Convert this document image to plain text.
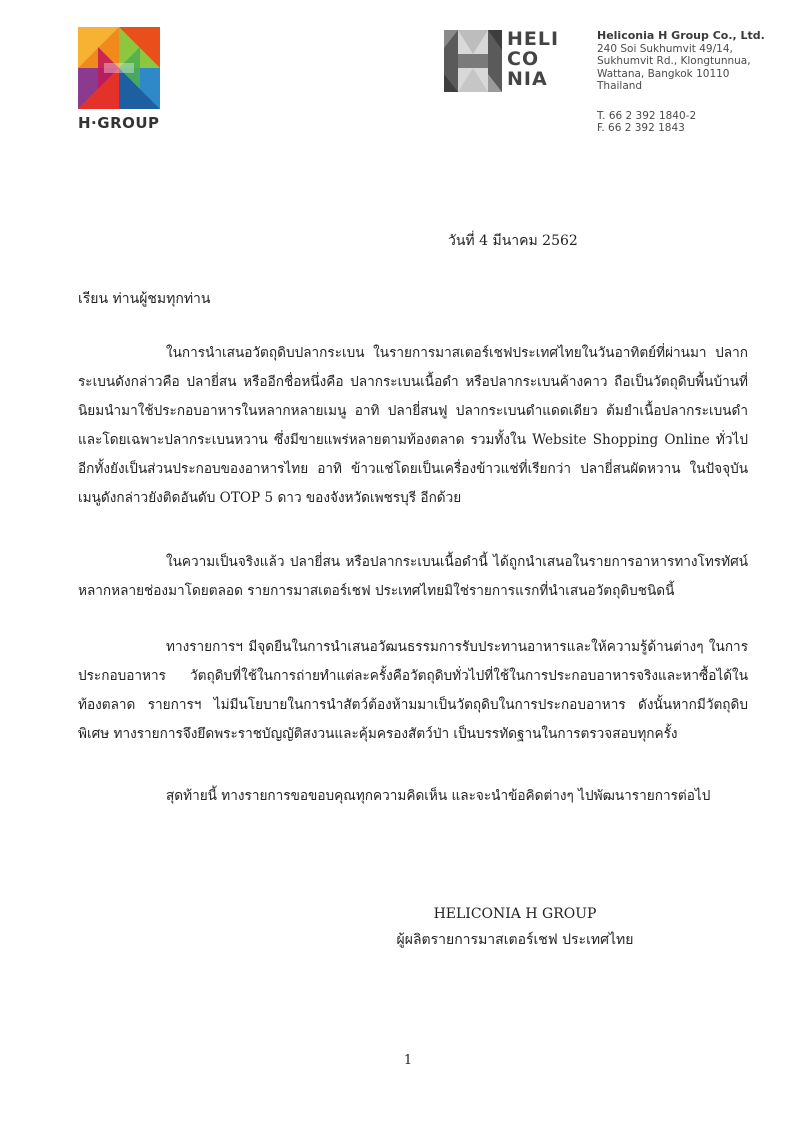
H·GROUP
HELI
CO
NIA
Heliconia H Group Co., Ltd.
240 Soi Sukhumvit 49/14,
Sukhumvit Rd., Klongtunnua,
Wattana, Bangkok 10110
Thailand
T. 66 2 392 1840-2
F. 66 2 392 1843
วันที่ 4 มีนาคม 2562
เรียน ท่านผู้ชมทุกท่าน

ในการนำเสนอวัตถุดิบปลากระเบน ในรายการมาสเตอร์เชฟประเทศไทยในวันอาทิตย์ที่ผ่านมา ปลากระเบนดังกล่าวคือ ปลายี่สน หรืออีกชื่อหนึ่งคือ ปลากระเบนเนื้อดำ หรือปลากระเบนค้างคาว ถือเป็นวัตถุดิบพื้นบ้านที่นิยมนำมาใช้ประกอบอาหารในหลากหลายเมนู อาทิ ปลายี่สนฟู ปลากระเบนดำแดดเดียว ต้มยำเนื้อปลากระเบนดำ และโดยเฉพาะปลากระเบนหวาน ซึ่งมีขายแพร่หลายตามท้องตลาด รวมทั้งใน Website Shopping Online ทั่วไป อีกทั้งยังเป็นส่วนประกอบของอาหารไทย อาทิ ข้าวแช่โดยเป็นเครื่องข้าวแช่ที่เรียกว่า ปลายี่สนผัดหวาน ในปัจจุบันเมนูดังกล่าวยังติดอันดับ OTOP 5 ดาว ของจังหวัดเพชรบุรี อีกด้วย

ในความเป็นจริงแล้ว ปลายี่สน หรือปลากระเบนเนื้อดำนี้ ได้ถูกนำเสนอในรายการอาหารทางโทรทัศน์หลากหลายช่องมาโดยตลอด รายการมาสเตอร์เชฟ ประเทศไทยมิใช่รายการแรกที่นำเสนอวัตถุดิบชนิดนี้

ทางรายการฯ มีจุดยืนในการนำเสนอวัฒนธรรมการรับประทานอาหารและให้ความรู้ด้านต่างๆ ในการประกอบอาหาร วัตถุดิบที่ใช้ในการถ่ายทำแต่ละครั้งคือวัตถุดิบทั่วไปที่ใช้ในการประกอบอาหารจริงและหาซื้อได้ในท้องตลาด รายการฯ ไม่มีนโยบายในการนำสัตว์ต้องห้ามมาเป็นวัตถุดิบในการประกอบอาหาร ดังนั้นหากมีวัตถุดิบพิเศษ ทางรายการจึงยึดพระราชบัญญัติสงวนและคุ้มครองสัตว์ป่า เป็นบรรทัดฐานในการตรวจสอบทุกครั้ง

สุดท้ายนี้ ทางรายการขอขอบคุณทุกความคิดเห็น และจะนำข้อคิดต่างๆ ไปพัฒนารายการต่อไป

HELICONIA H GROUP
ผู้ผลิตรายการมาสเตอร์เชฟ ประเทศไทย
1
